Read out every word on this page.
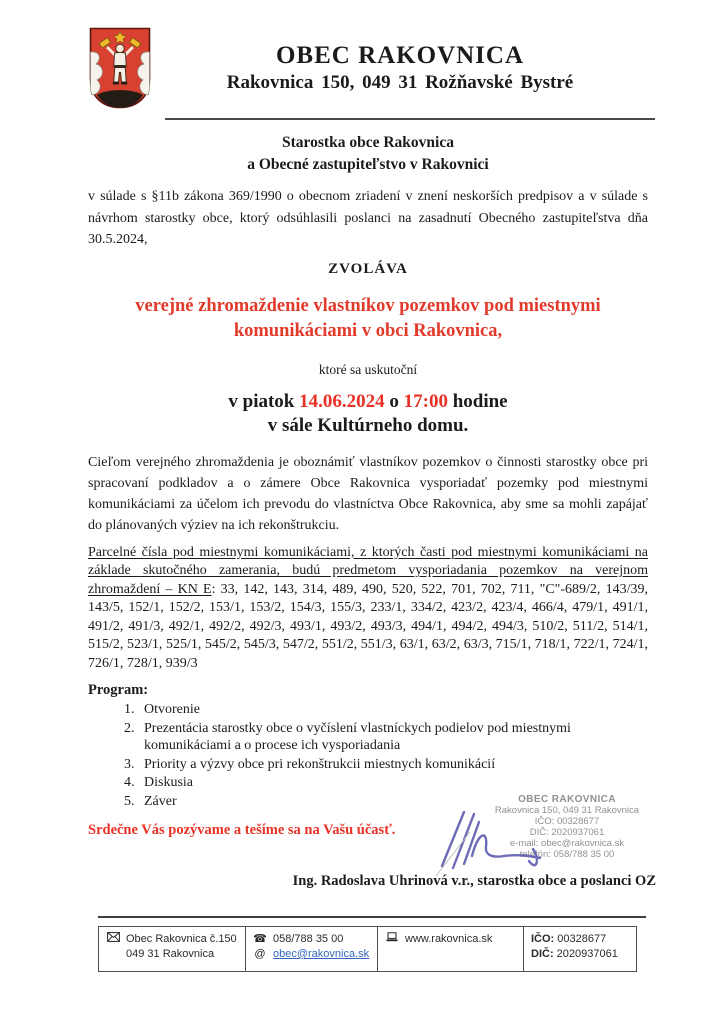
OBEC RAKOVNICA
Rakovnica 150, 049 31 Rožňavské Bystré
Starostka obce Rakovnica
a Obecné zastupiteľstvo v Rakovnici

v súlade s §11b zákona 369/1990 o obecnom zriadení v znení neskorších predpisov a v súlade s návrhom starostky obce, ktorý odsúhlasili poslanci na zasadnutí Obecného zastupiteľstva dňa 30.5.2024,

ZVOLÁVA
verejné zhromaždenie vlastníkov pozemkov pod miestnymi komunikáciami v obci Rakovnica,
ktoré sa uskutoční
v piatok 14.06.2024 o 17:00 hodine
v sále Kultúrneho domu.

Cieľom verejného zhromaždenia je oboznámiť vlastníkov pozemkov o činnosti starostky obce pri spracovaní podkladov a o zámere Obce Rakovnica vysporiadať pozemky pod miestnymi komunikáciami za účelom ich prevodu do vlastníctva Obce Rakovnica, aby sme sa mohli zapájať do plánovaných výziev na ich rekonštrukciu.

Parcelné čísla pod miestnymi komunikáciami, z ktorých časti pod miestnymi komunikáciami na základe skutočného zamerania, budú predmetom vysporiadania pozemkov na verejnom zhromaždení – KN E: 33, 142, 143, 314, 489, 490, 520, 522, 701, 702, 711, "C"-689/2, 143/39, 143/5, 152/1, 152/2, 153/1, 153/2, 154/3, 155/3, 233/1, 334/2, 423/2, 423/4, 466/4, 479/1, 491/1, 491/2, 491/3, 492/1, 492/2, 492/3, 493/1, 493/2, 493/3, 494/1, 494/2, 494/3, 510/2, 511/2, 514/1, 515/2, 523/1, 525/1, 545/2, 545/3, 547/2, 551/2, 551/3, 63/1, 63/2, 63/3, 715/1, 718/1, 722/1, 724/1, 726/1, 728/1, 939/3

Program:
1. Otvorenie
2. Prezentácia starostky obce o vyčíslení vlastníckych podielov pod miestnymi komunikáciami a o procese ich vysporiadania
3. Priority a výzvy obce pri rekonštrukcii miestnych komunikácií
4. Diskusia
5. Záver
Srdečne Vás pozývame a tešíme sa na Vašu účasť.
OBEC RAKOVNICA
Rakovnica 150, 049 31 Rakovnica
IČO: 00328677
DIČ: 2020937061
e-mail: obec@rakovnica.sk
telefón: 058/788 35 00
Ing. Radoslava Uhrinová v.r., starostka obce a poslanci OZ
Obec Rakovnica č.150
049 31 Rakovnica
☎ 058/788 35 00
@ obec@rakovnica.sk
www.rakovnica.sk	IČO: 00328677
DIČ: 2020937061
